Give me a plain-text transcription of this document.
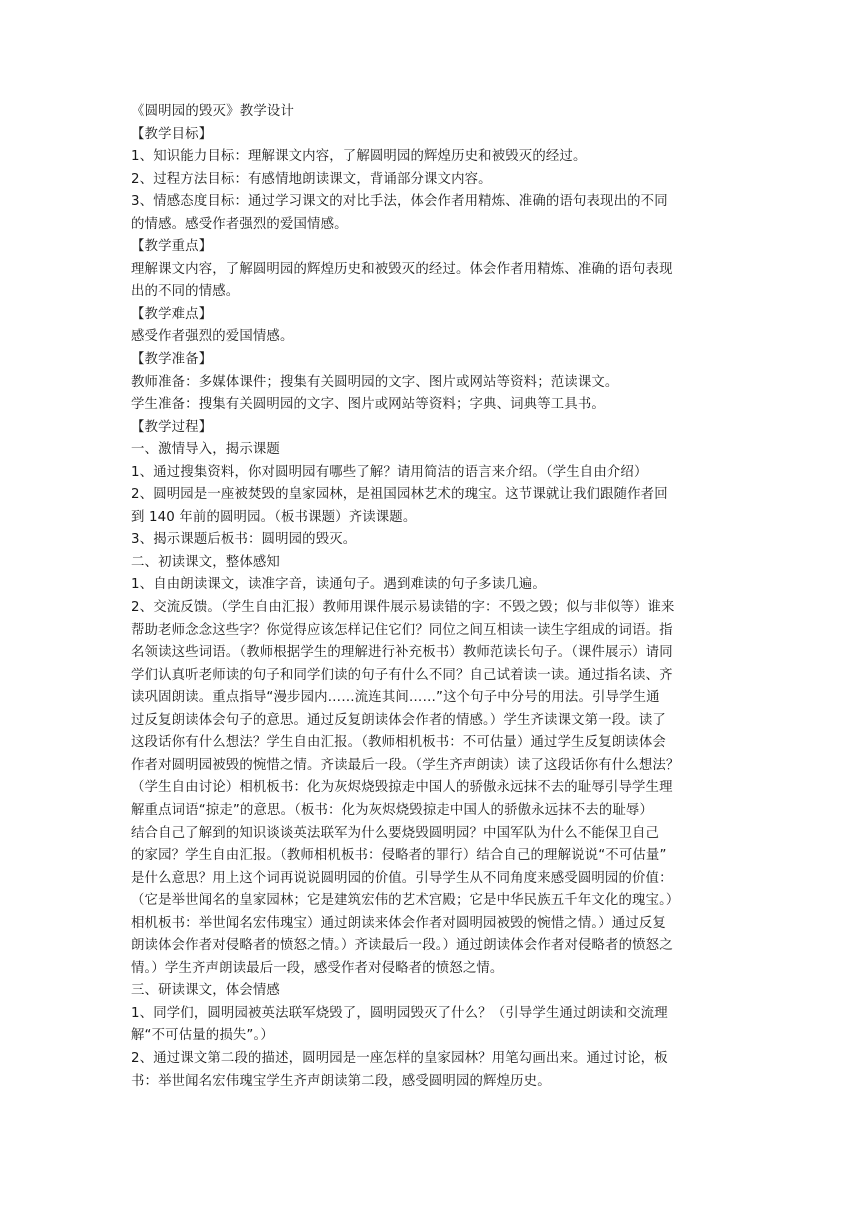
《圆明园的毁灭》教学设计
【教学目标】
1、知识能力目标：理解课文内容，了解圆明园的辉煌历史和被毁灭的经过。
2、过程方法目标：有感情地朗读课文，背诵部分课文内容。
3、情感态度目标：通过学习课文的对比手法，体会作者用精炼、准确的语句表现出的不同
的情感。感受作者强烈的爱国情感。
【教学重点】
理解课文内容，了解圆明园的辉煌历史和被毁灭的经过。体会作者用精炼、准确的语句表现
出的不同的情感。
【教学难点】
感受作者强烈的爱国情感。
【教学准备】
教师准备：多媒体课件；搜集有关圆明园的文字、图片或网站等资料；范读课文。
学生准备：搜集有关圆明园的文字、图片或网站等资料；字典、词典等工具书。
【教学过程】
一、激情导入，揭示课题
1、通过搜集资料，你对圆明园有哪些了解？请用简洁的语言来介绍。（学生自由介绍）
2、圆明园是一座被焚毁的皇家园林，是祖国园林艺术的瑰宝。这节课就让我们跟随作者回
到 140 年前的圆明园。（板书课题）齐读课题。
3、揭示课题后板书：圆明园的毁灭。
二、初读课文，整体感知
1、自由朗读课文，读准字音，读通句子。遇到难读的句子多读几遍。
2、交流反馈。（学生自由汇报）教师用课件展示易读错的字：不毁之毁；似与非似等）谁来
帮助老师念念这些字？你觉得应该怎样记住它们？同位之间互相读一读生字组成的词语。指
名领读这些词语。（教师根据学生的理解进行补充板书）教师范读长句子。（课件展示）请同
学们认真听老师读的句子和同学们读的句子有什么不同？自己试着读一读。通过指名读、齐
读巩固朗读。重点指导“漫步园内……流连其间……”这个句子中分号的用法。引导学生通
过反复朗读体会句子的意思。通过反复朗读体会作者的情感。）学生齐读课文第一段。读了
这段话你有什么想法？学生自由汇报。（教师相机板书：不可估量）通过学生反复朗读体会
作者对圆明园被毁的惋惜之情。齐读最后一段。（学生齐声朗读）读了这段话你有什么想法？
（学生自由讨论）相机板书：化为灰烬烧毁掠走中国人的骄傲永远抹不去的耻辱引导学生理
解重点词语“掠走”的意思。（板书：化为灰烬烧毁掠走中国人的骄傲永远抹不去的耻辱）
结合自己了解到的知识谈谈英法联军为什么要烧毁圆明园？中国军队为什么不能保卫自己
的家园？学生自由汇报。（教师相机板书：侵略者的罪行）结合自己的理解说说“不可估量”
是什么意思？用上这个词再说说圆明园的价值。引导学生从不同角度来感受圆明园的价值：
（它是举世闻名的皇家园林；它是建筑宏伟的艺术宫殿；它是中华民族五千年文化的瑰宝。）
相机板书：举世闻名宏伟瑰宝）通过朗读来体会作者对圆明园被毁的惋惜之情。）通过反复
朗读体会作者对侵略者的愤怒之情。）齐读最后一段。）通过朗读体会作者对侵略者的愤怒之
情。）学生齐声朗读最后一段，感受作者对侵略者的愤怒之情。
三、研读课文，体会情感
1、同学们，圆明园被英法联军烧毁了，圆明园毁灭了什么？（引导学生通过朗读和交流理
解“不可估量的损失”。）
2、通过课文第二段的描述，圆明园是一座怎样的皇家园林？用笔勾画出来。通过讨论，板
书：举世闻名宏伟瑰宝学生齐声朗读第二段，感受圆明园的辉煌历史。
